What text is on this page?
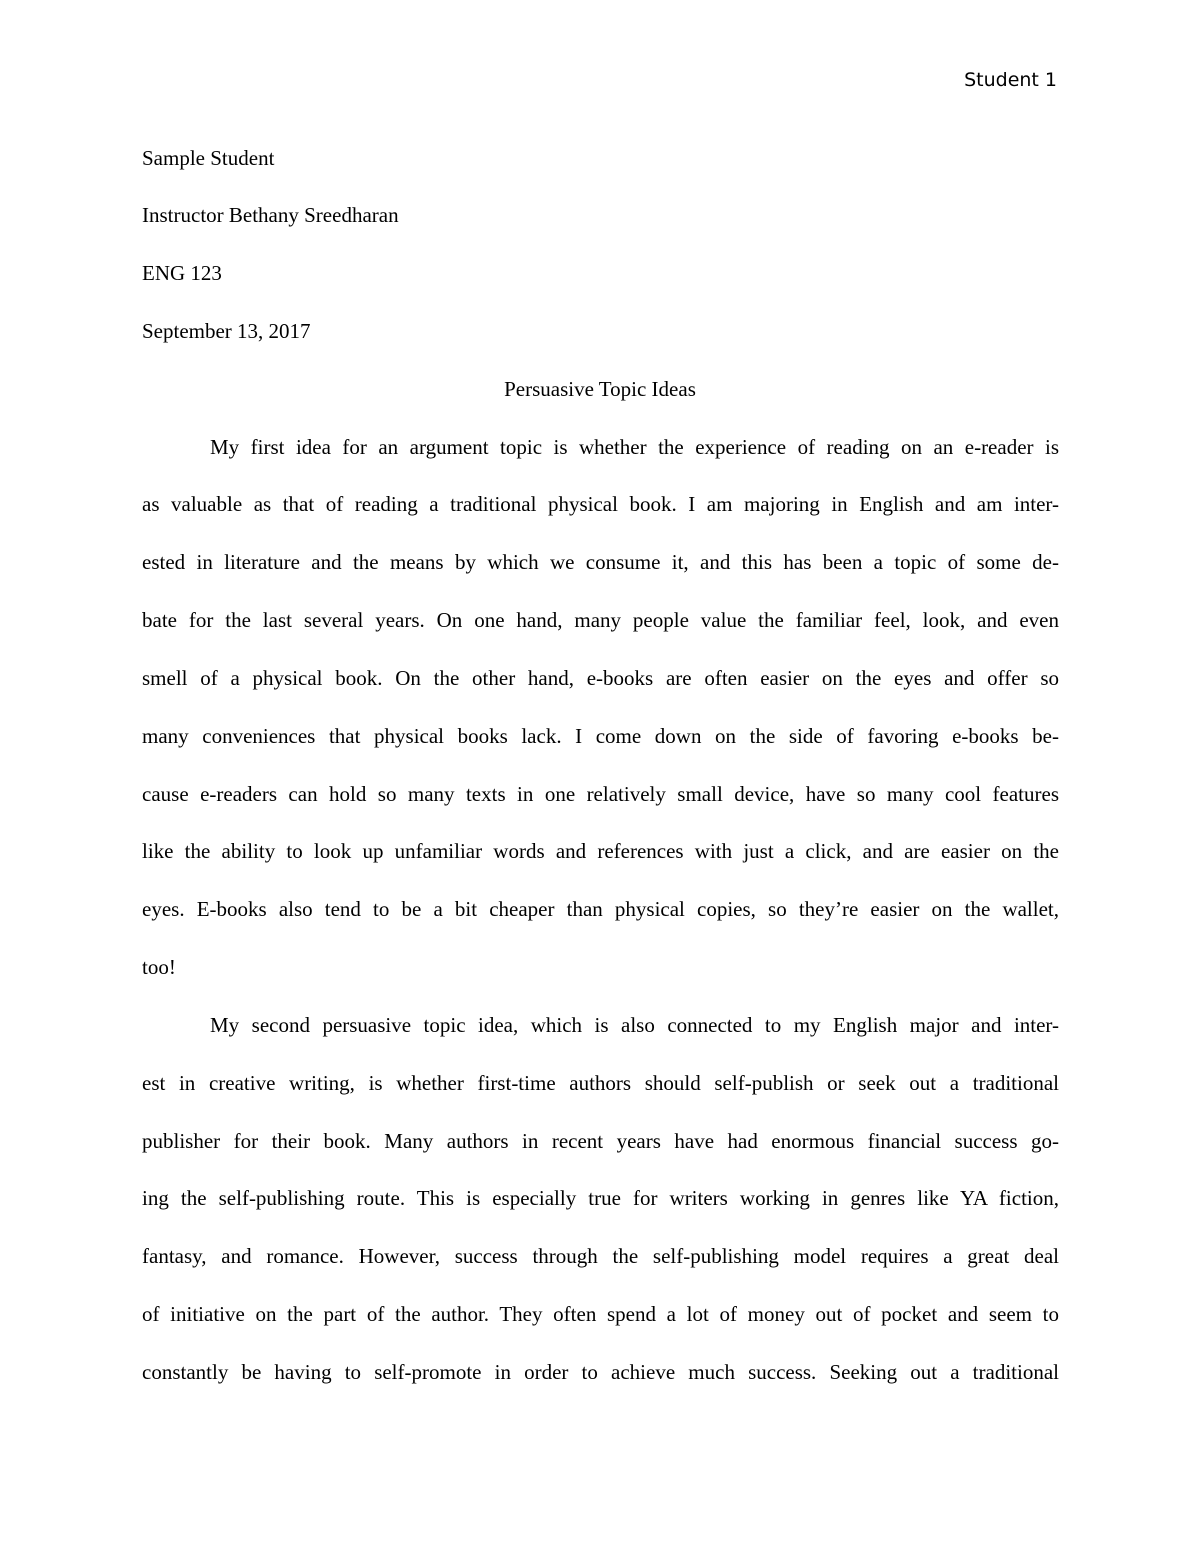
Student 1
Sample Student
Instructor Bethany Sreedharan
ENG 123
September 13, 2017
Persuasive Topic Ideas
My first idea for an argument topic is whether the experience of reading on an e-reader is
as valuable as that of reading a traditional physical book. I am majoring in English and am inter-
ested in literature and the means by which we consume it, and this has been a topic of some de-
bate for the last several years. On one hand, many people value the familiar feel, look, and even
smell of a physical book. On the other hand, e-books are often easier on the eyes and offer so
many conveniences that physical books lack. I come down on the side of favoring e-books be-
cause e-readers can hold so many texts in one relatively small device, have so many cool features
like the ability to look up unfamiliar words and references with just a click, and are easier on the
eyes. E-books also tend to be a bit cheaper than physical copies, so they’re easier on the wallet,
too!
My second persuasive topic idea, which is also connected to my English major and inter-
est in creative writing, is whether first-time authors should self-publish or seek out a traditional
publisher for their book. Many authors in recent years have had enormous financial success go-
ing the self-publishing route. This is especially true for writers working in genres like YA fiction,
fantasy, and romance. However, success through the self-publishing model requires a great deal
of initiative on the part of the author. They often spend a lot of money out of pocket and seem to
constantly be having to self-promote in order to achieve much success. Seeking out a traditional
